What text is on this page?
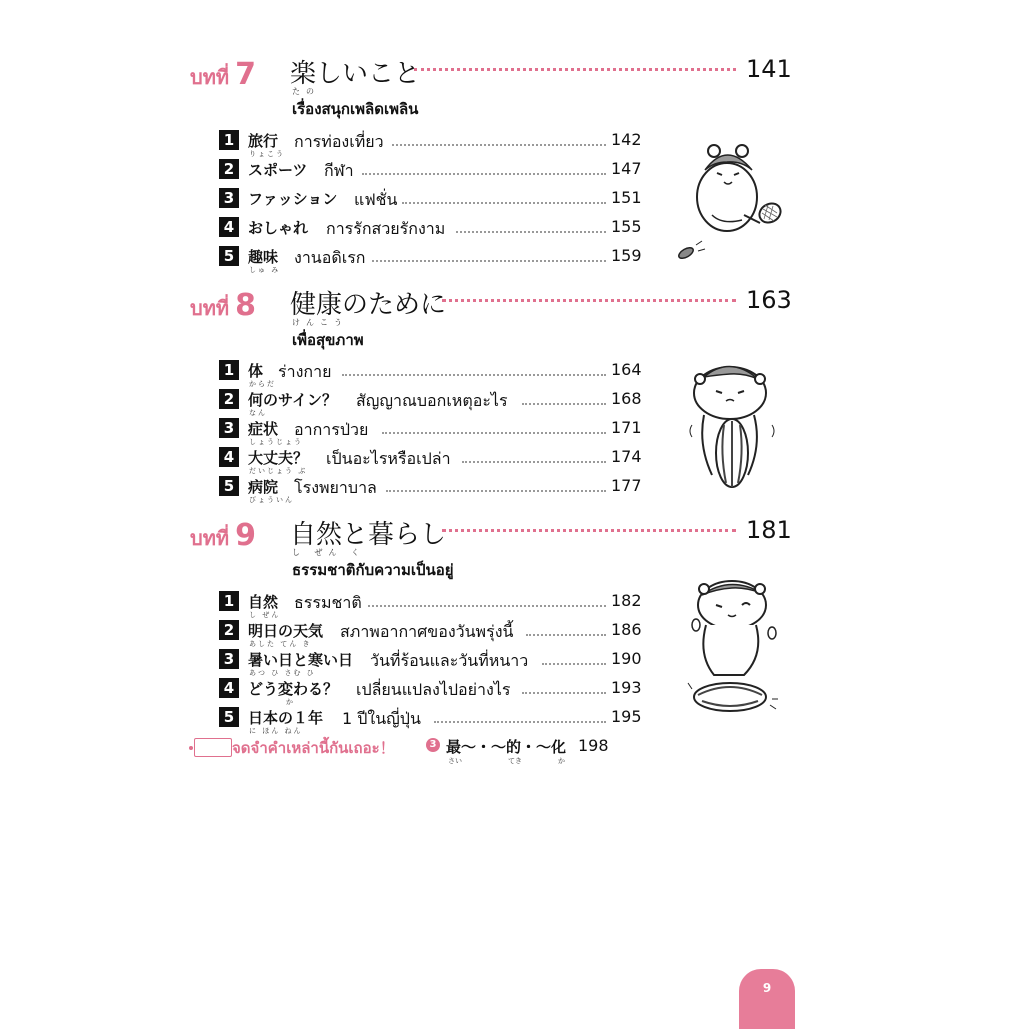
บทที่ 7 楽しいこと
たの
141
เรื่องสนุกเพลิดเพลิน
1 旅行
りょこう
การท่องเที่ยว	142
2 スポーツ กีฬา	147
3 ファッション แฟชั่น	151
4 おしゃれ การรักสวยรักงาม	155
5 趣味
しゅ み
งานอดิเรก	159
บทที่ 8 健康のために
けんこう
163
เพื่อสุขภาพ
1 体
からだ
ร่างกาย	164
2 何のサイン？
なん
สัญญาณบอกเหตุอะไร	168
3 症状
しょうじょう
อาการป่วย	171
4 大丈夫？
だいじょう ぶ
เป็นอะไรหรือเปล่า	174
5 病院
びょういん
โรงพยาบาล	177
บทที่ 9 自然と暮らし
し ぜん く
181
ธรรมชาติกับความเป็นอยู่
1 自然
し ぜん
ธรรมชาติ	182
2 明日の天気
あした てん き
สภาพอากาศของวันพรุ่งนี้	186
3 暑い日と寒い日
あつ ひ さむ ひ
วันที่ร้อนและวันที่หนาว	190
4 どう変わる？
か
เปลี่ยนแปลงไปอย่างไร	193
5 日本の１年
に ほん ねん
1 ปีในญี่ปุ่น	195
จดจำคำเหล่านี้กันเถอะ！	3 最～・～的・～化
さい	てき	か
198
9
